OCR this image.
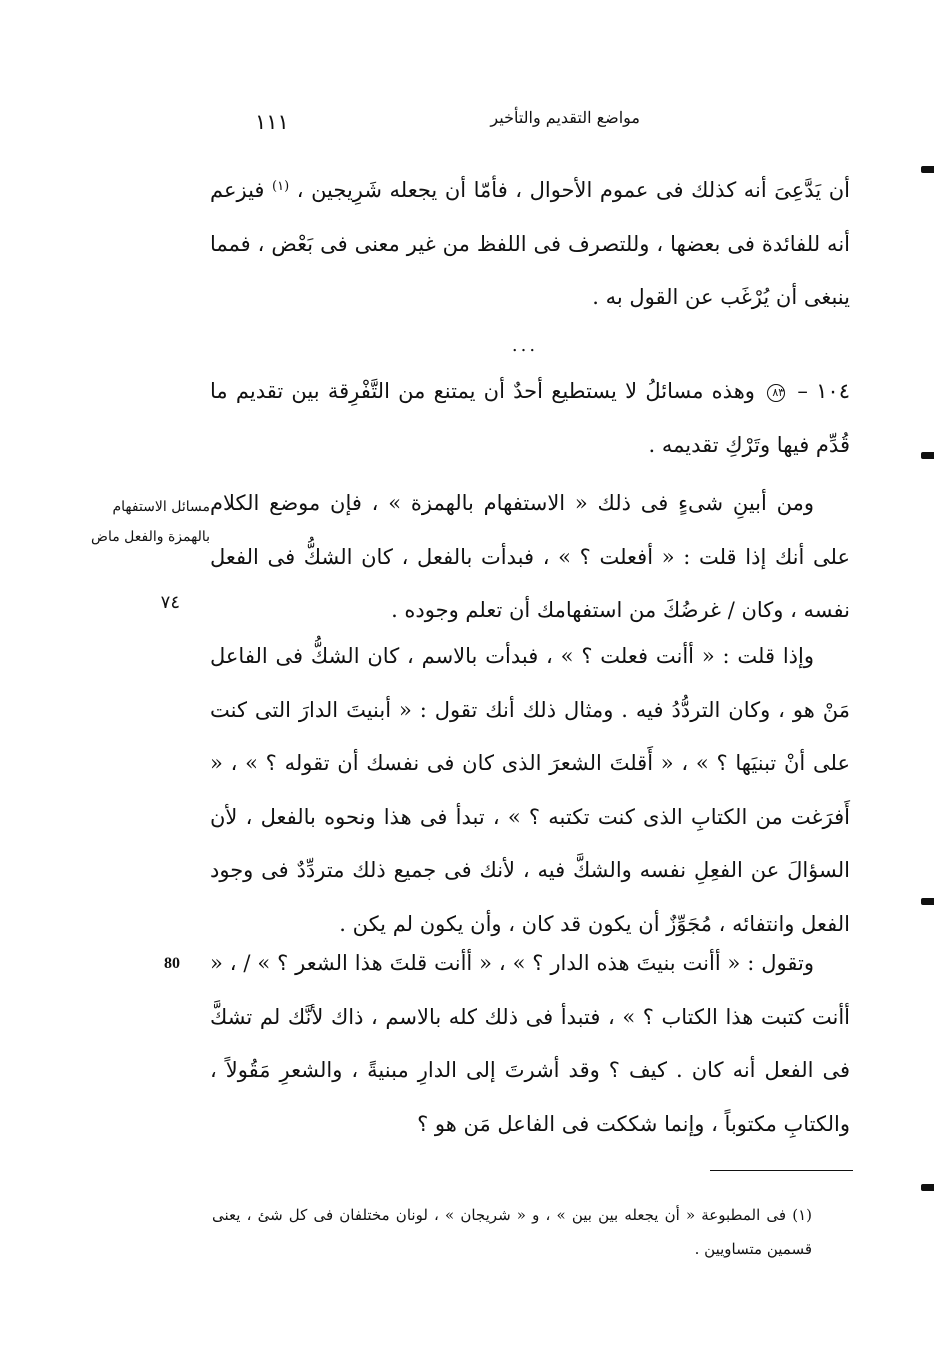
مواضع التقديم والتأخير
١١١

أن يَدَّعِىَ أنه كذلك فى عموم الأحوال ، فأمّا أن يجعله شَرِيجين ، $^{(١)}$ فيزعم أنه للفائدة فى بعضها ، وللتصرف فى اللفظ من غير معنى فى بَعْض ، فمما ينبغى أن يُرْغَب عن القول به .

...

١٠٤ – ٨٣ وهذه مسائلُ لا يستطيع أحدٌ أن يمتنع من التَّفْرِقة بين تقديم ما قُدِّم فيها وتَرْكِ تقديمه .

ومن أبينِ شىءٍ فى ذلك « الاستفهام بالهمزة » ، فإن موضع الكلام على أنك إذا قلت : « أفعلت ؟ » ، فبدأت بالفعل ، كان الشكُّ فى الفعل نفسه ، وكان / غرضُكَ من استفهامك أن تعلم وجوده .

وإذا قلت : « أأنت فعلت ؟ » ، فبدأت بالاسم ، كان الشكُّ فى الفاعل مَنْ هو ، وكان التردُّدُ فيه . ومثال ذلك أنك تقول : « أبنيتَ الدارَ التى كنت على أنْ تبنيَها ؟ » ، « أَقلتَ الشعرَ الذى كان فى نفسك أن تقوله ؟ » ، « أَفرَغت من الكتابِ الذى كنت تكتبه ؟ » ، تبدأ فى هذا ونحوه بالفعل ، لأن السؤالَ عن الفعِلِ نفسه والشكَّ فيه ، لأنك فى جميع ذلك متردِّدٌ فى وجود الفعل وانتفائه ، مُجَوِّزٌ أن يكون قد كان ، وأن يكون لم يكن .

وتقول : « أأنت بنيتَ هذه الدار ؟ » ، « أأنت قلتَ هذا الشعر ؟ » / ، « أأنت كتبت هذا الكتاب ؟ » ، فتبدأ فى ذلك كله بالاسم ، ذاك لأنَّك لم تشكَّ فى الفعل أنه كان . كيف ؟ وقد أشرتَ إلى الدارِ مبنيةً ، والشعرِ مَقُولاً ، والكتابِ مكتوباً ، وإنما شككت فى الفاعل مَن هو ؟

مسائل الاستفهام
بالهمزة والفعل ماض

٧٤
80

(١) فى المطبوعة « أن يجعله بين بين » ، و « شريجان » ، لونان مختلفان فى كل شئ ، يعنى قسمين متساويين .
